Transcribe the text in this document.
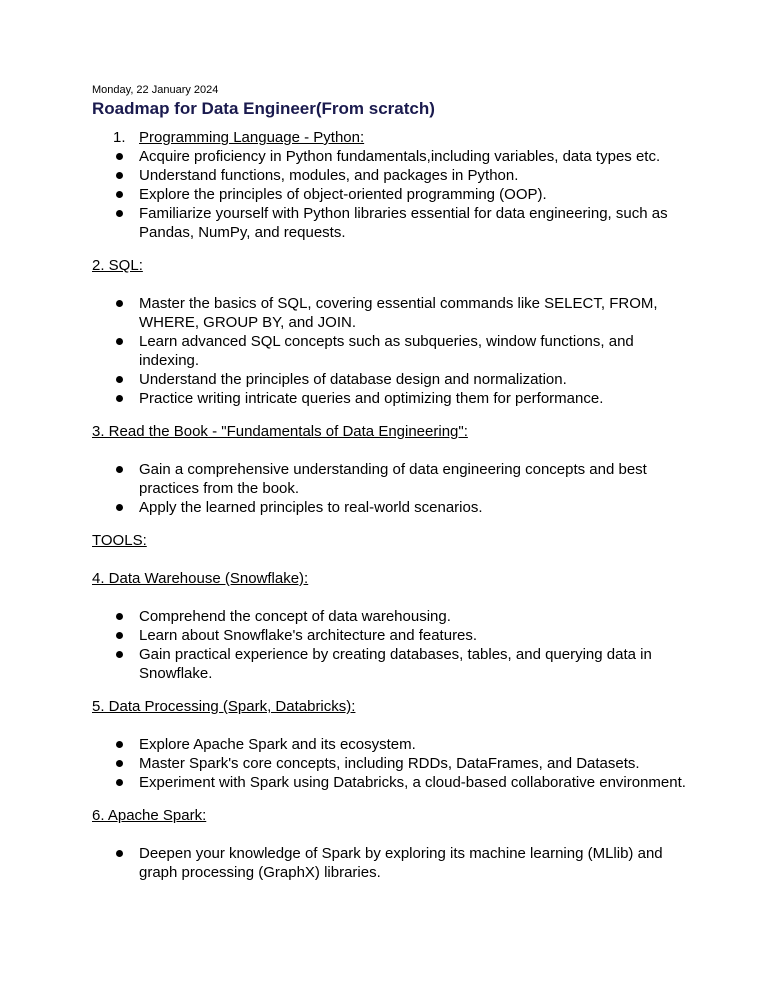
Monday, 22 January 2024
Roadmap for Data Engineer(From scratch)
1. Programming Language - Python:
Acquire proficiency in Python fundamentals,including variables, data types etc.
Understand functions, modules, and packages in Python.
Explore the principles of object-oriented programming (OOP).
Familiarize yourself with Python libraries essential for data engineering, such as Pandas, NumPy, and requests.
2. SQL:
Master the basics of SQL, covering essential commands like SELECT, FROM, WHERE, GROUP BY, and JOIN.
Learn advanced SQL concepts such as subqueries, window functions, and indexing.
Understand the principles of database design and normalization.
Practice writing intricate queries and optimizing them for performance.
3. Read the Book - "Fundamentals of Data Engineering":
Gain a comprehensive understanding of data engineering concepts and best practices from the book.
Apply the learned principles to real-world scenarios.
TOOLS:
4. Data Warehouse (Snowflake):
Comprehend the concept of data warehousing.
Learn about Snowflake's architecture and features.
Gain practical experience by creating databases, tables, and querying data in Snowflake.
5. Data Processing (Spark, Databricks):
Explore Apache Spark and its ecosystem.
Master Spark's core concepts, including RDDs, DataFrames, and Datasets.
Experiment with Spark using Databricks, a cloud-based collaborative environment.
6. Apache Spark:
Deepen your knowledge of Spark by exploring its machine learning (MLlib) and graph processing (GraphX) libraries.
